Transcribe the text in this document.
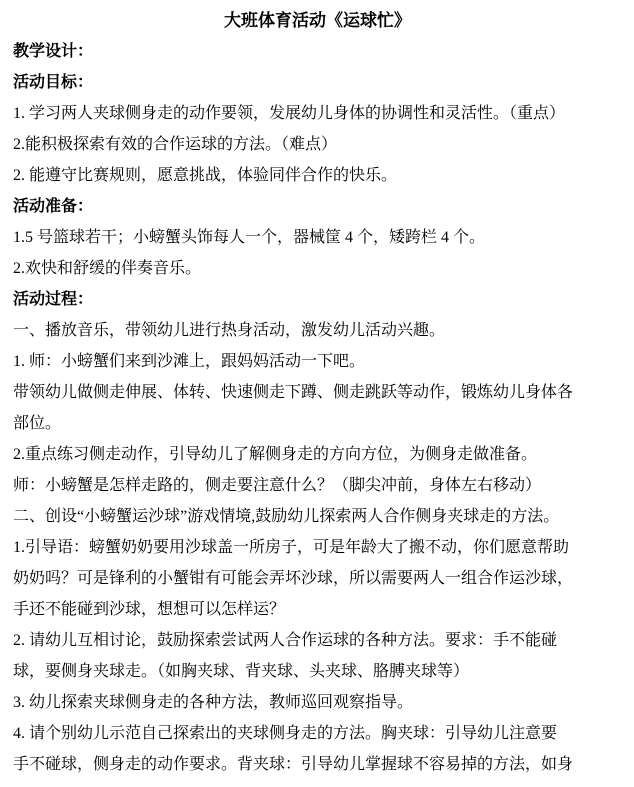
大班体育活动《运球忙》

教学设计：

活动目标：

1. 学习两人夹球侧身走的动作要领，发展幼儿身体的协调性和灵活性。（重点）

2.能积极探索有效的合作运球的方法。（难点）

2. 能遵守比赛规则，愿意挑战，体验同伴合作的快乐。

活动准备：

1.5 号篮球若干；小螃蟹头饰每人一个，器械筐 4 个，矮跨栏 4 个。

2.欢快和舒缓的伴奏音乐。

活动过程：

一、播放音乐，带领幼儿进行热身活动，激发幼儿活动兴趣。

1. 师：小螃蟹们来到沙滩上，跟妈妈活动一下吧。

带领幼儿做侧走伸展、体转、快速侧走下蹲、侧走跳跃等动作，锻炼幼儿身体各

部位。

2.重点练习侧走动作，引导幼儿了解侧身走的方向方位，为侧身走做准备。

师：小螃蟹是怎样走路的，侧走要注意什么？（脚尖冲前，身体左右移动）

二、创设“小螃蟹运沙球”游戏情境,鼓励幼儿探索两人合作侧身夹球走的方法。

1.引导语：螃蟹奶奶要用沙球盖一所房子，可是年龄大了搬不动，你们愿意帮助

奶奶吗？可是锋利的小蟹钳有可能会弄坏沙球，所以需要两人一组合作运沙球，

手还不能碰到沙球，想想可以怎样运？

2. 请幼儿互相讨论，鼓励探索尝试两人合作运球的各种方法。要求：手不能碰

球，要侧身夹球走。（如胸夹球、背夹球、头夹球、胳膊夹球等）

3. 幼儿探索夹球侧身走的各种方法，教师巡回观察指导。

4. 请个别幼儿示范自己探索出的夹球侧身走的方法。胸夹球：引导幼儿注意要

手不碰球，侧身走的动作要求。背夹球：引导幼儿掌握球不容易掉的方法，如身
